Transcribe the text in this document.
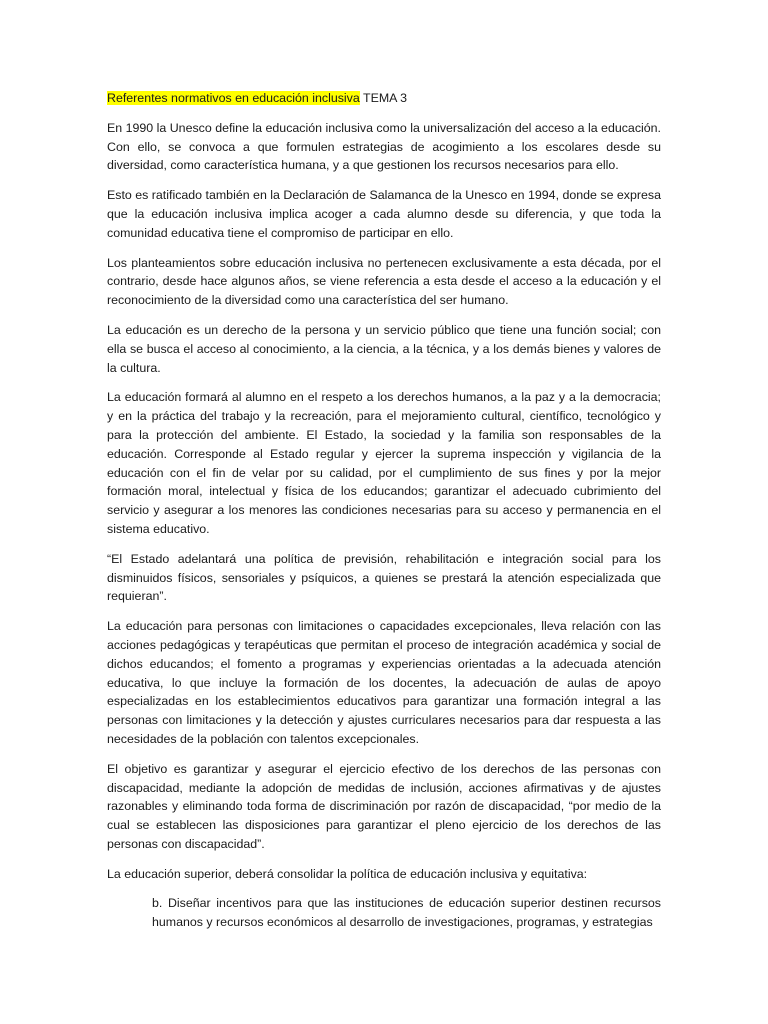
Referentes normativos en educación inclusiva TEMA 3

En 1990 la Unesco define la educación inclusiva como la universalización del acceso a la educación. Con ello, se convoca a que formulen estrategias de acogimiento a los escolares desde su diversidad, como característica humana, y a que gestionen los recursos necesarios para ello.

Esto es ratificado también en la Declaración de Salamanca de la Unesco en 1994, donde se expresa que la educación inclusiva implica acoger a cada alumno desde su diferencia, y que toda la comunidad educativa tiene el compromiso de participar en ello.

Los planteamientos sobre educación inclusiva no pertenecen exclusivamente a esta década, por el contrario, desde hace algunos años, se viene referencia a esta desde el acceso a la educación y el reconocimiento de la diversidad como una característica del ser humano.

La educación es un derecho de la persona y un servicio público que tiene una función social; con ella se busca el acceso al conocimiento, a la ciencia, a la técnica, y a los demás bienes y valores de la cultura.

La educación formará al alumno en el respeto a los derechos humanos, a la paz y a la democracia; y en la práctica del trabajo y la recreación, para el mejoramiento cultural, científico, tecnológico y para la protección del ambiente. El Estado, la sociedad y la familia son responsables de la educación. Corresponde al Estado regular y ejercer la suprema inspección y vigilancia de la educación con el fin de velar por su calidad, por el cumplimiento de sus fines y por la mejor formación moral, intelectual y física de los educandos; garantizar el adecuado cubrimiento del servicio y asegurar a los menores las condiciones necesarias para su acceso y permanencia en el sistema educativo.

“El Estado adelantará una política de previsión, rehabilitación e integración social para los disminuidos físicos, sensoriales y psíquicos, a quienes se prestará la atención especializada que requieran”.

La educación para personas con limitaciones o capacidades excepcionales, lleva relación con las acciones pedagógicas y terapéuticas que permitan el proceso de integración académica y social de dichos educandos; el fomento a programas y experiencias orientadas a la adecuada atención educativa, lo que incluye la formación de los docentes, la adecuación de aulas de apoyo especializadas en los establecimientos educativos para garantizar una formación integral a las personas con limitaciones y la detección y ajustes curriculares necesarios para dar respuesta a las necesidades de la población con talentos excepcionales.

El objetivo es garantizar y asegurar el ejercicio efectivo de los derechos de las personas con discapacidad, mediante la adopción de medidas de inclusión, acciones afirmativas y de ajustes razonables y eliminando toda forma de discriminación por razón de discapacidad, “por medio de la cual se establecen las disposiciones para garantizar el pleno ejercicio de los derechos de las personas con discapacidad”.

La educación superior, deberá consolidar la política de educación inclusiva y equitativa:

b. Diseñar incentivos para que las instituciones de educación superior destinen recursos humanos y recursos económicos al desarrollo de investigaciones, programas, y estrategias
